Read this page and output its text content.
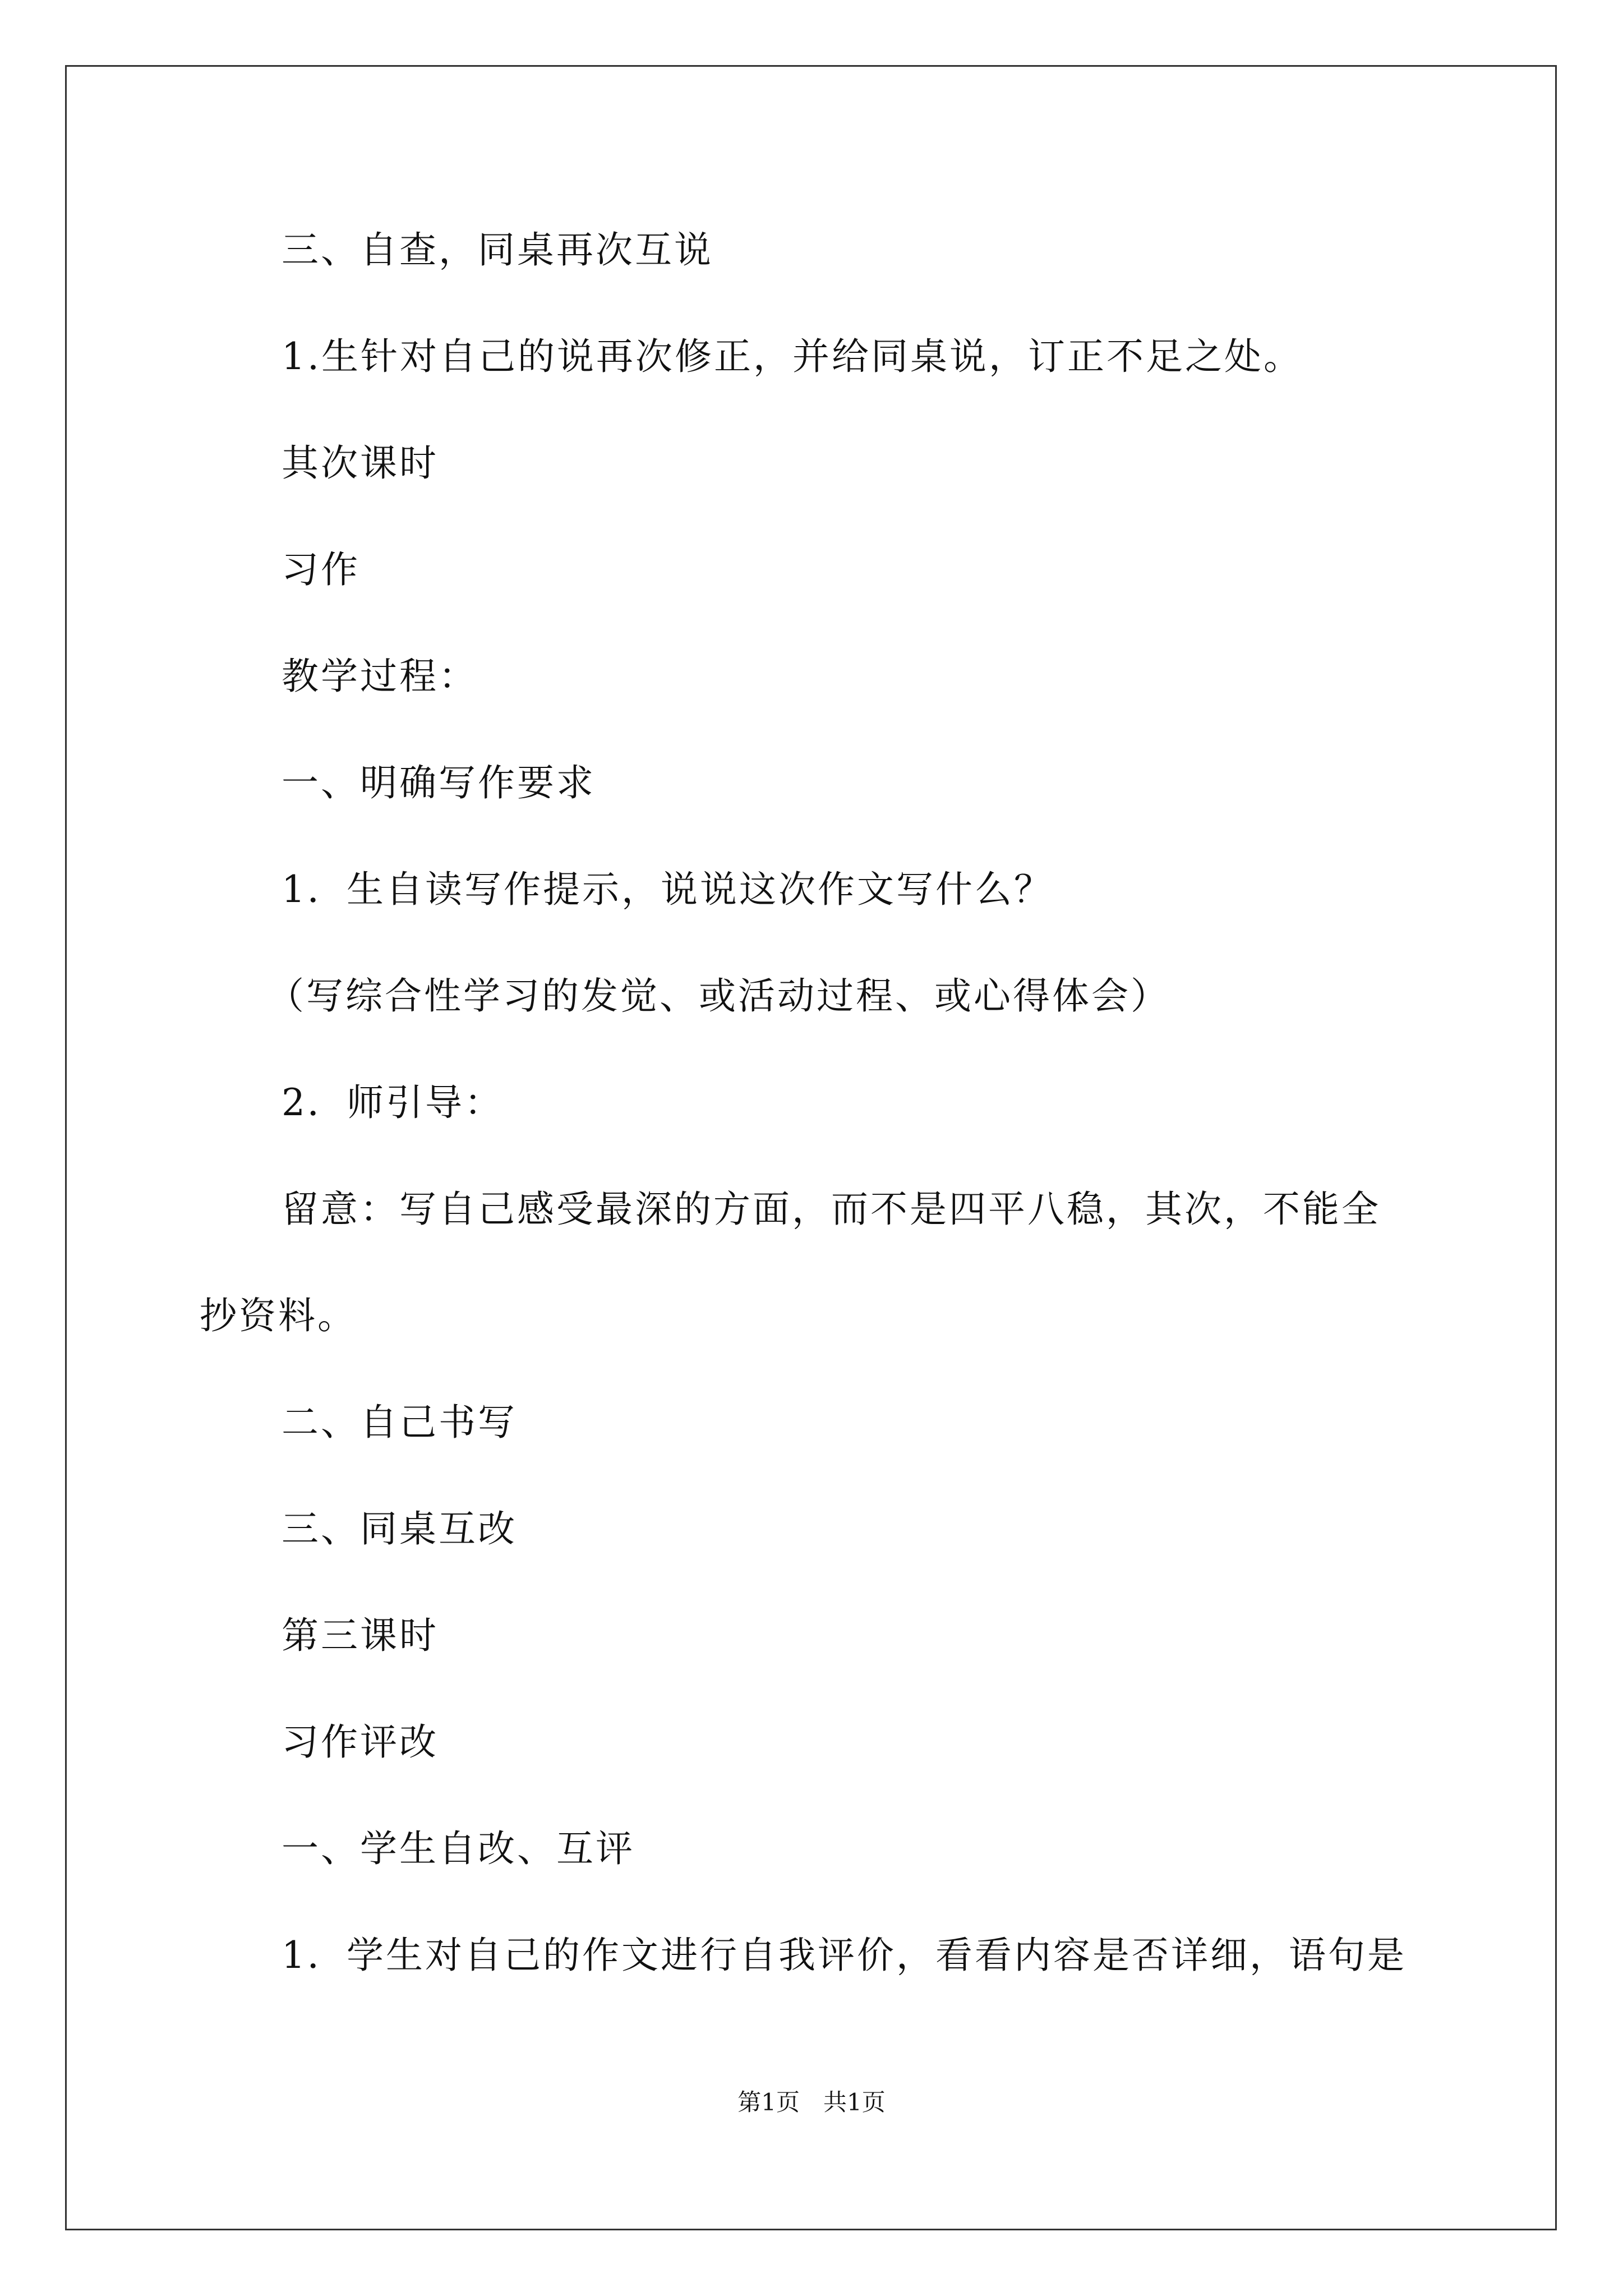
三、自查，同桌再次互说
1.生针对自己的说再次修正，并给同桌说，订正不足之处。
其次课时
习作
教学过程：
一、明确写作要求
1．生自读写作提示，说说这次作文写什么？
（写综合性学习的发觉、或活动过程、或心得体会）
2．师引导：
留意：写自己感受最深的方面，而不是四平八稳，其次，不能全
抄资料。
二、自己书写
三、同桌互改
第三课时
习作评改
一、学生自改、互评
1．学生对自己的作文进行自我评价，看看内容是否详细，语句是
第1页　共1页
